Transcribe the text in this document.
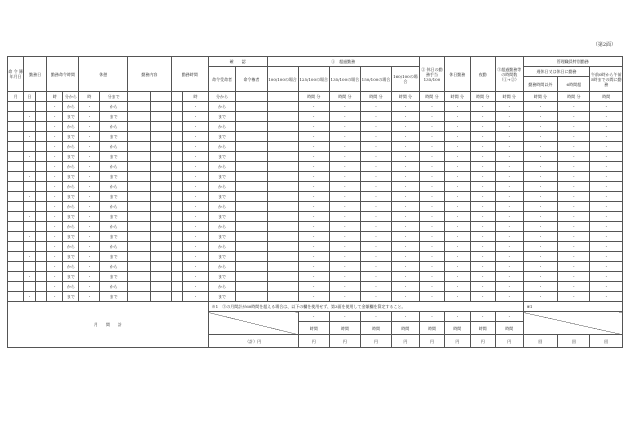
（第2面）
命 令 簿 年月日	勤務日		勤務命令時間		休憩		勤務内容		勤務時間		確　　認		①　超過勤務					② 休日の勤務手当 135/100	休日勤務	夜勤	③超過勤務等の時間数（①+②）	管理職員特別勤務		
											命令受命者	命令権者	100/100の場合	125/100の場合	135/100の場合	150/100の場合	160/100の場合					週休日又は休日に勤務		午前0時から午前5時までの間に勤務
																						勤務時間以外	6時間超	
月	日		時	分から	時	分まで				時	分から			時間 分	時間 分	時間 分	時間 分	時間 分	時間 分	時間 分	時間 分	時間 分	時間 分	時間
			・	から	・	から				・	から			・	・	・	・	・	・	・	・	・	・	・
	・		・	まで	・	まで				・	まで			・	・	・	・	・	・	・	・	・	・	・
			・	から	・	から				・	から			・	・	・	・	・	・	・	・	・	・	・
	・		・	まで	・	まで				・	まで			・	・	・	・	・	・	・	・	・	・	・
			・	から	・	から				・	から			・	・	・	・	・	・	・	・	・	・	・
	・		・	まで	・	まで				・	まで			・	・	・	・	・	・	・	・	・	・	・
			・	から	・	から				・	から			・	・	・	・	・	・	・	・	・	・	・
	・		・	まで	・	まで				・	まで			・	・	・	・	・	・	・	・	・	・	・
			・	から	・	から				・	から			・	・	・	・	・	・	・	・	・	・	・
	・		・	まで	・	まで				・	まで			・	・	・	・	・	・	・	・	・	・	・
			・	から	・	から				・	から			・	・	・	・	・	・	・	・	・	・	・
	・		・	まで	・	まで				・	まで			・	・	・	・	・	・	・	・	・	・	・
			・	から	・	から				・	から			・	・	・	・	・	・	・	・	・	・	・
	・		・	まで	・	まで				・	まで			・	・	・	・	・	・	・	・	・	・	・
			・	から	・	から				・	から			・	・	・	・	・	・	・	・	・	・	・
	・		・	まで	・	まで				・	まで			・	・	・	・	・	・	・	・	・	・	・
			・	から	・	から				・	から			・	・	・	・	・	・	・	・	・	・	・
	・		・	まで	・	まで				・	まで			・	・	・	・	・	・	・	・	・	・	・
			・	から	・	から				・	から			・	・	・	・	・	・	・	・	・	・	・
	・		・	まで	・	まで				・	まで			・	・	・	・	・	・	・	・	・	・	・
月　　間　　計											※1　③の月間計が60時間を超える場合は、以下の欄を使用せず、第3面を使用して金額欄を算定すること。											※1		
														・	・	・	・	・	・	・	・			
														時間	時間	時間	時間	時間	時間	時間	時間			
											（計）円			円	円	円	円	円	円	円	円	回	回	回
